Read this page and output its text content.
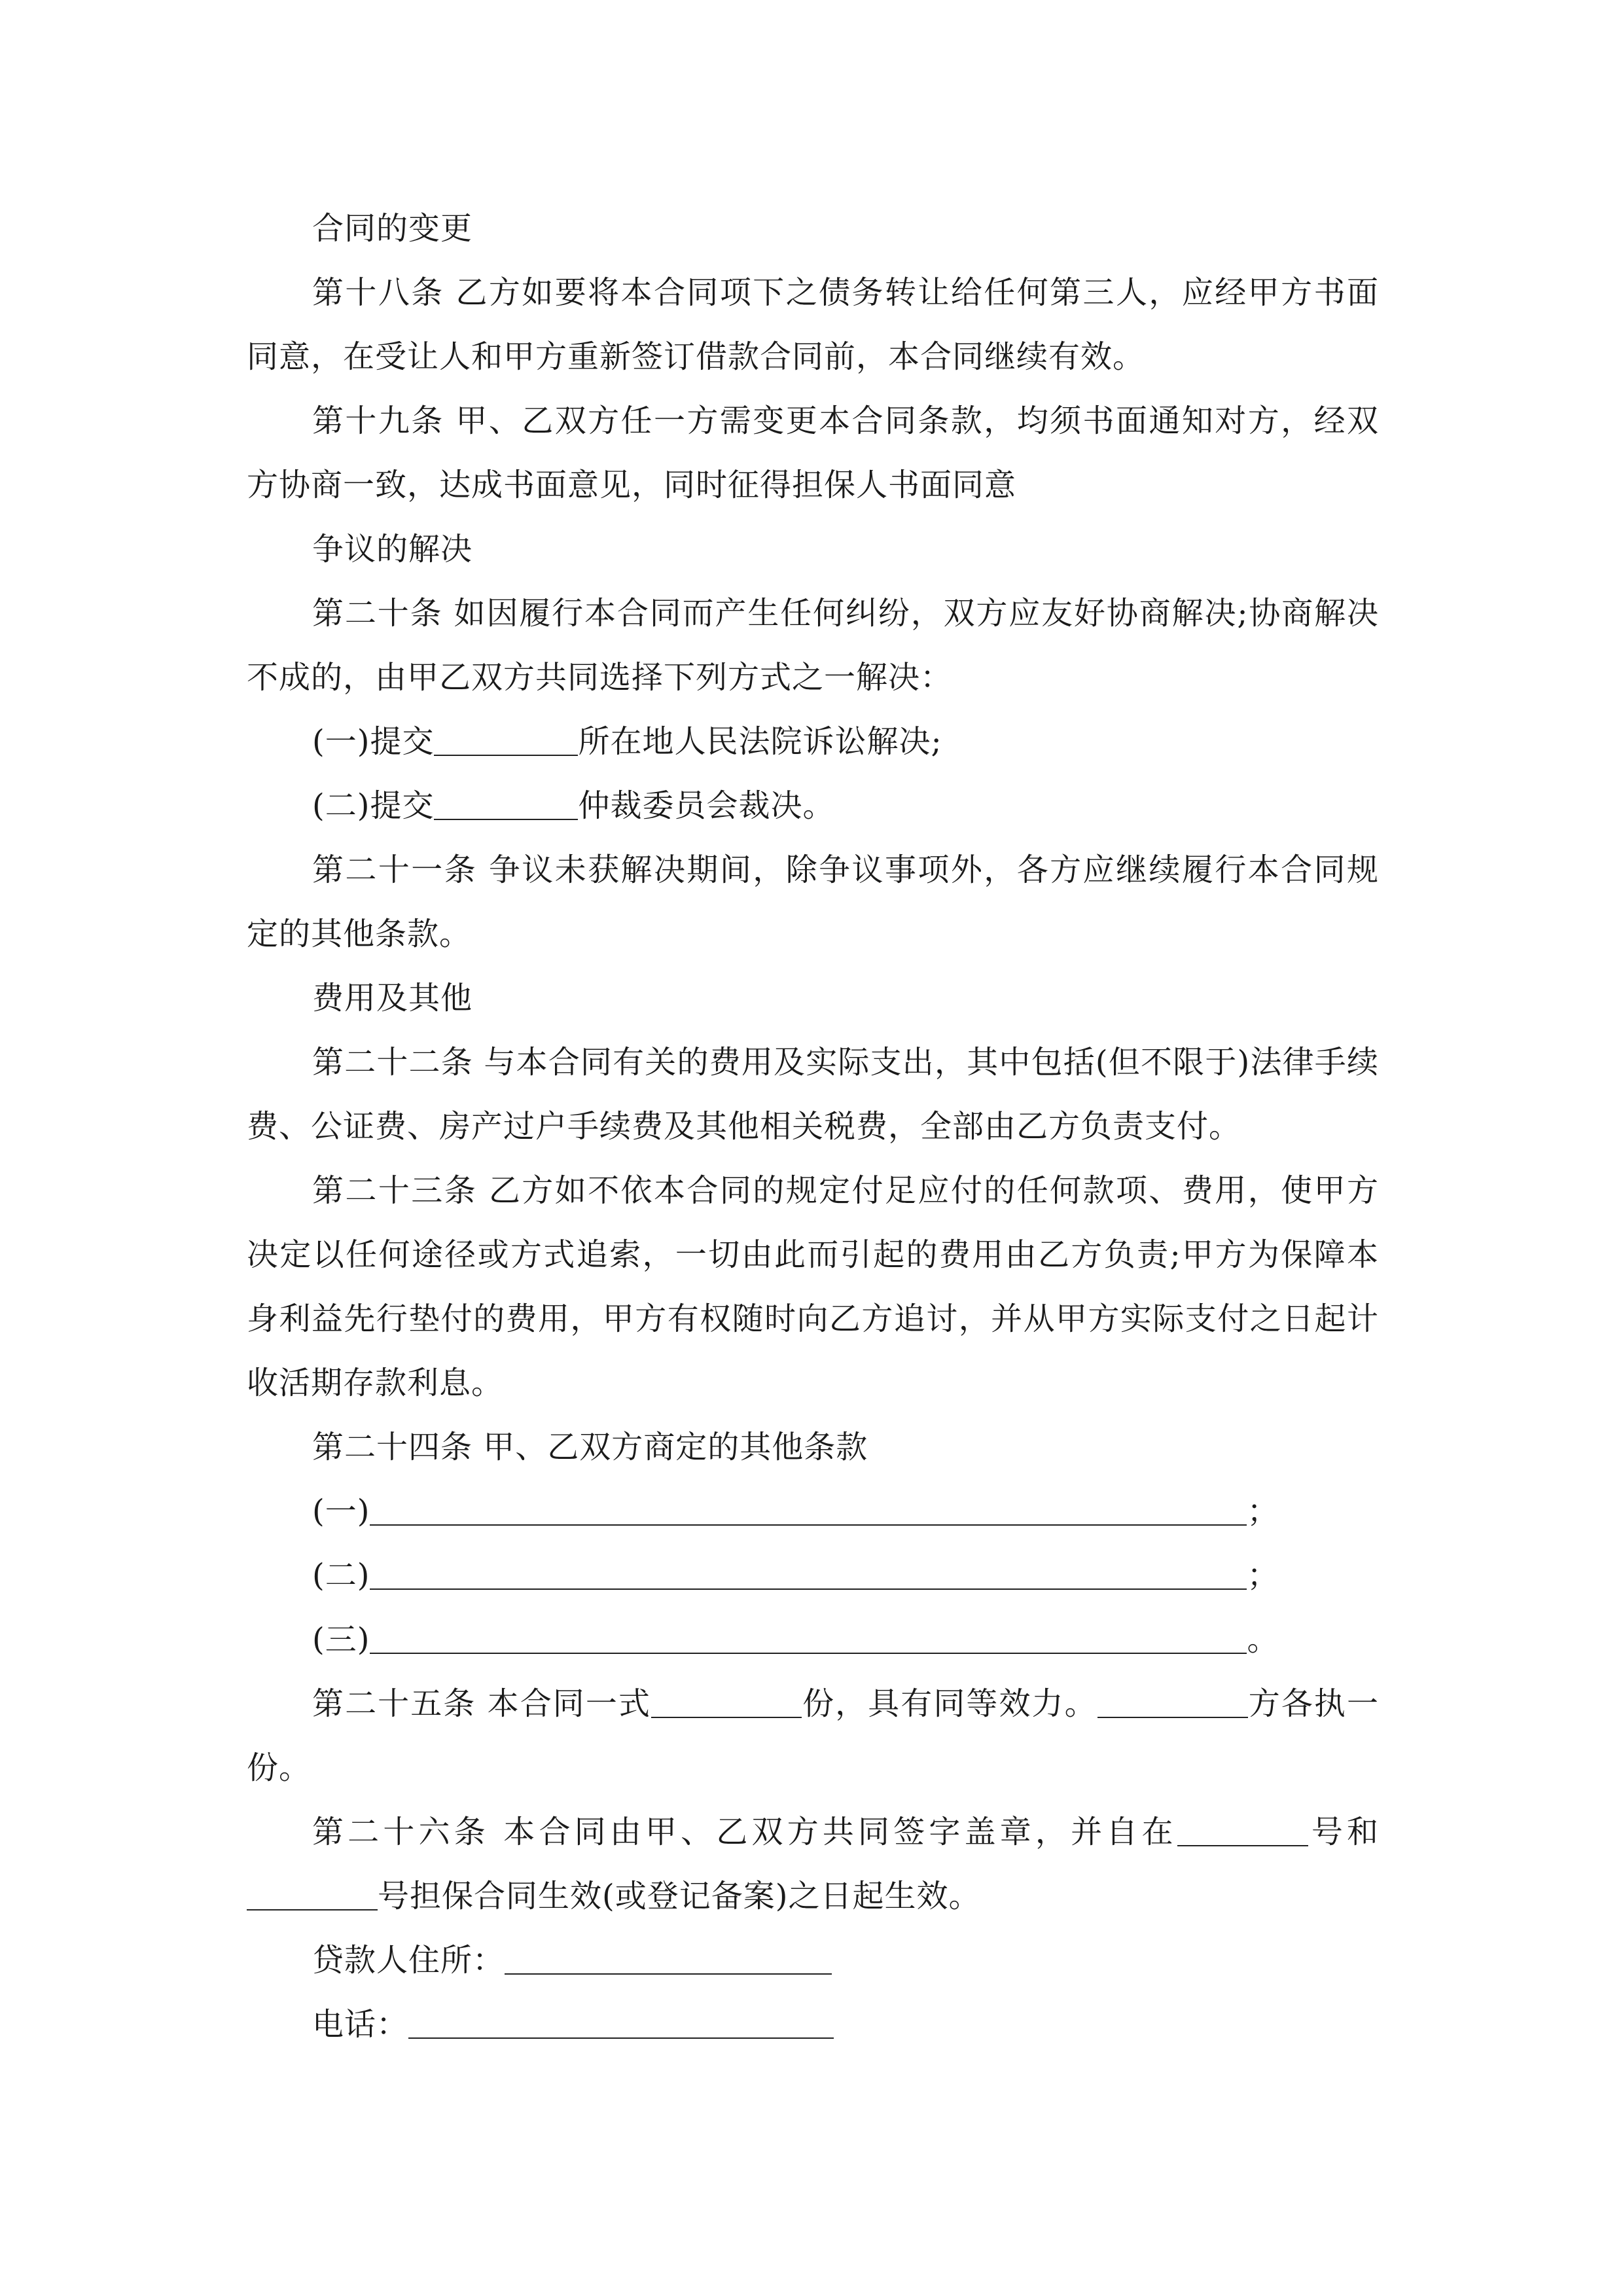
合同的变更

第十八条 乙方如要将本合同项下之债务转让给任何第三人，应经甲方书面同意，在受让人和甲方重新签订借款合同前，本合同继续有效。

第十九条 甲、乙双方任一方需变更本合同条款，均须书面通知对方，经双方协商一致，达成书面意见，同时征得担保人书面同意

争议的解决

第二十条 如因履行本合同而产生任何纠纷，双方应友好协商解决;协商解决不成的，由甲乙双方共同选择下列方式之一解决：

(一)提交	所在地人民法院诉讼解决;

(二)提交	仲裁委员会裁决。

第二十一条 争议未获解决期间，除争议事项外，各方应继续履行本合同规定的其他条款。

费用及其他

第二十二条 与本合同有关的费用及实际支出，其中包括(但不限于)法律手续费、公证费、房产过户手续费及其他相关税费，全部由乙方负责支付。

第二十三条 乙方如不依本合同的规定付足应付的任何款项、费用，使甲方决定以任何途径或方式追索，一切由此而引起的费用由乙方负责;甲方为保障本身利益先行垫付的费用，甲方有权随时向乙方追讨，并从甲方实际支付之日起计收活期存款利息。

第二十四条 甲、乙双方商定的其他条款

(一)	；

(二)	；

(三)	。

第二十五条 本合同一式	份，具有同等效力。	方各执一份。

第二十六条 本合同由甲、乙双方共同签字盖章，并自在	号和号担保合同生效(或登记备案)之日起生效。

贷款人住所：

电话：
